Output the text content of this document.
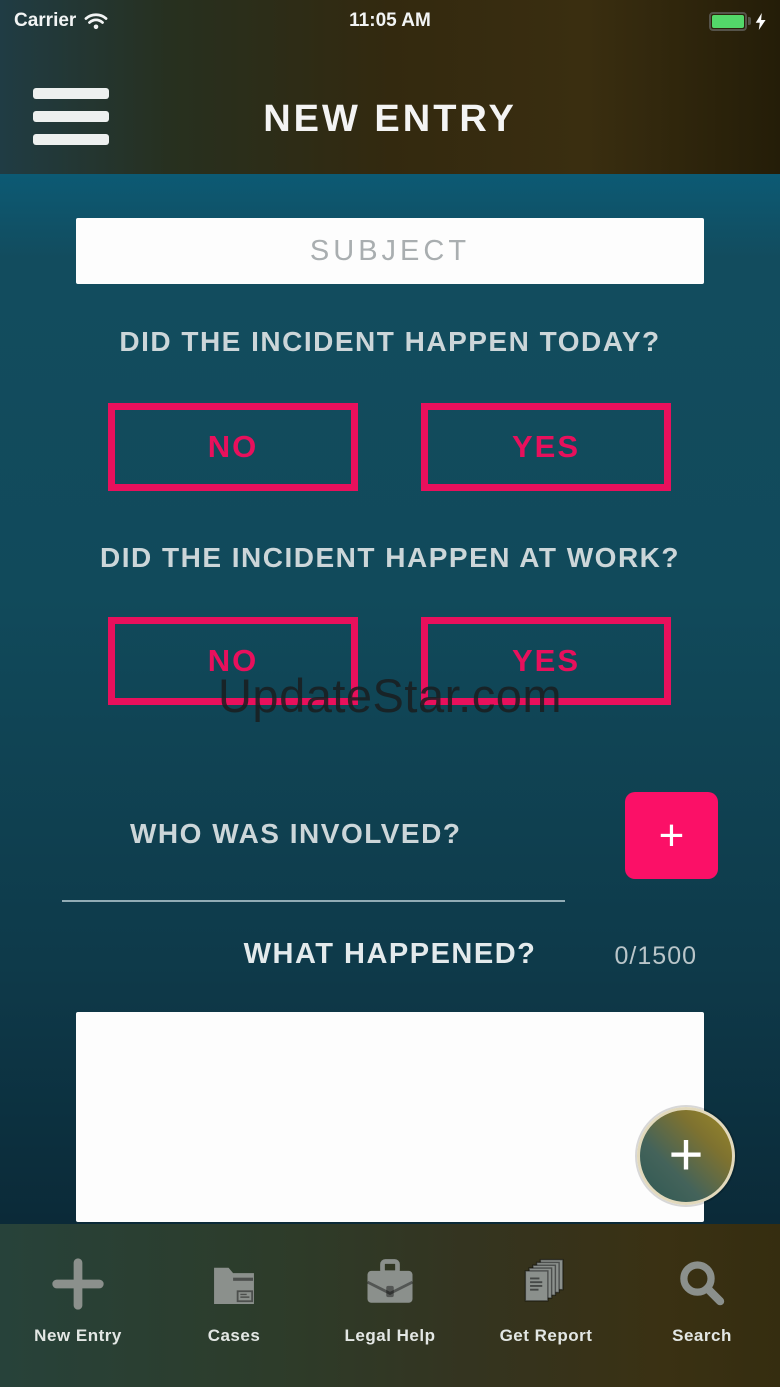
Carrier	11:05 AM
NEW ENTRY
SUBJECT
DID THE INCIDENT HAPPEN TODAY?
NO	YES
DID THE INCIDENT HAPPEN AT WORK?
NO	YES
UpdateStar.com
WHO WAS INVOLVED?	+
WHAT HAPPENED?	0/1500
+
New Entry	Cases	Legal Help	Get Report	Search
